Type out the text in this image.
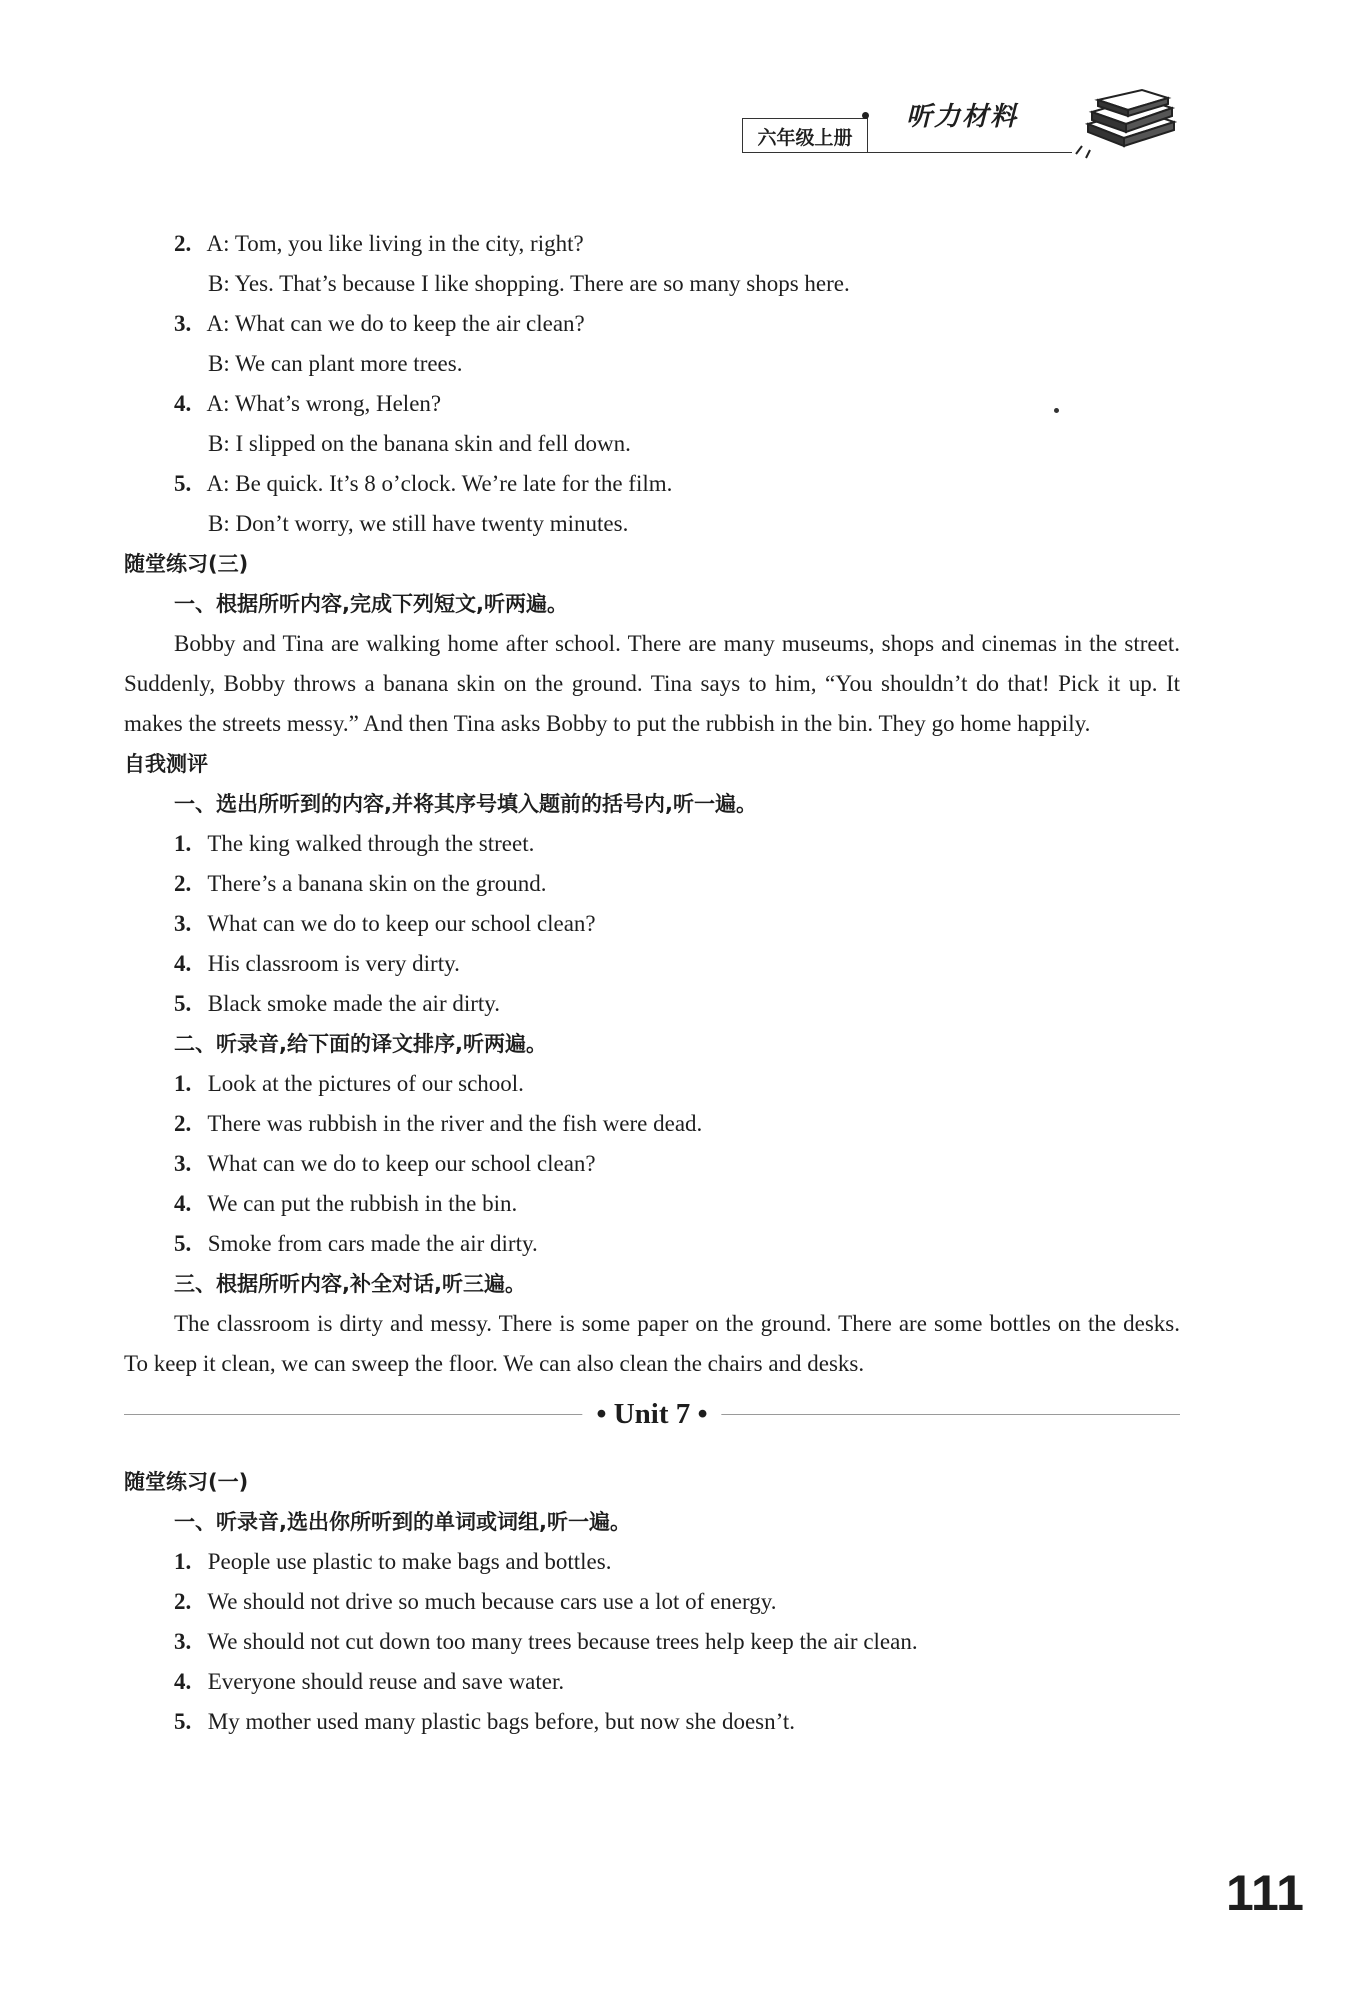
六年级上册
听力材料
2. A: Tom, you like living in the city, right?
B: Yes. That’s because I like shopping. There are so many shops here.
3. A: What can we do to keep the air clean?
B: We can plant more trees.
4. A: What’s wrong, Helen?
B: I slipped on the banana skin and fell down.
5. A: Be quick. It’s 8 o’clock. We’re late for the film.
B: Don’t worry, we still have twenty minutes.
随堂练习(三)
一、根据所听内容,完成下列短文,听两遍。

Bobby and Tina are walking home after school. There are many museums, shops and cinemas in the street. Suddenly, Bobby throws a banana skin on the ground. Tina says to him, “You shouldn’t do that! Pick it up. It makes the streets messy.” And then Tina asks Bobby to put the rubbish in the bin. They go home happily.

自我测评
一、选出所听到的内容,并将其序号填入题前的括号内,听一遍。
1. The king walked through the street.
2. There’s a banana skin on the ground.
3. What can we do to keep our school clean?
4. His classroom is very dirty.
5. Black smoke made the air dirty.
二、听录音,给下面的译文排序,听两遍。
1. Look at the pictures of our school.
2. There was rubbish in the river and the fish were dead.
3. What can we do to keep our school clean?
4. We can put the rubbish in the bin.
5. Smoke from cars made the air dirty.
三、根据所听内容,补全对话,听三遍。

The classroom is dirty and messy. There is some paper on the ground. There are some bottles on the desks. To keep it clean, we can sweep the floor. We can also clean the chairs and desks.

• Unit 7 •
随堂练习(一)
一、听录音,选出你所听到的单词或词组,听一遍。
1. People use plastic to make bags and bottles.
2. We should not drive so much because cars use a lot of energy.
3. We should not cut down too many trees because trees help keep the air clean.
4. Everyone should reuse and save water.
5. My mother used many plastic bags before, but now she doesn’t.
111
